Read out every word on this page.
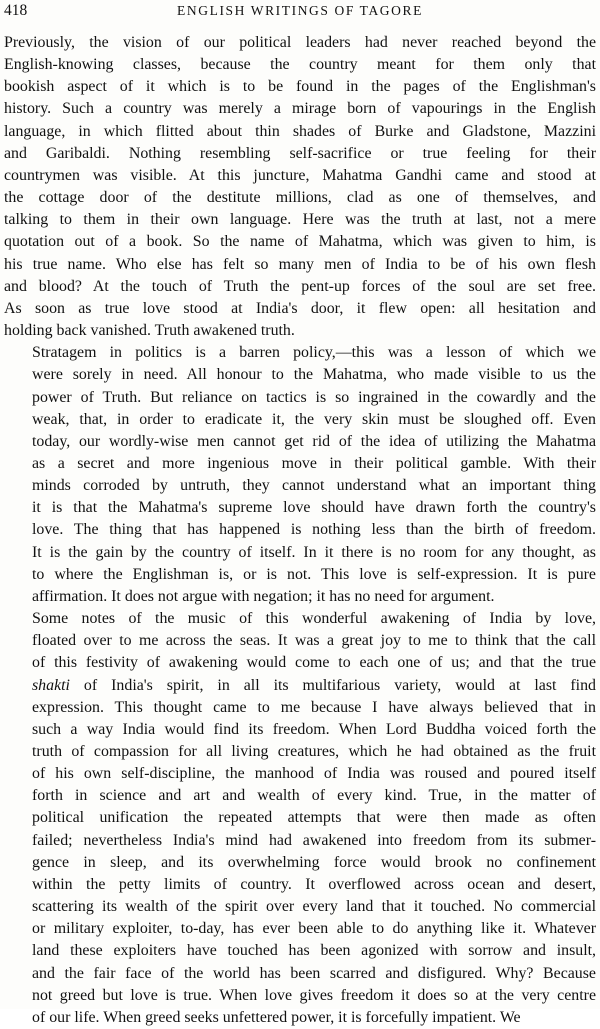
418	ENGLISH WRITINGS OF TAGORE

Previously, the vision of our political leaders had never reached beyond the
English-knowing classes, because the country meant for them only that
bookish aspect of it which is to be found in the pages of the Englishman's
history. Such a country was merely a mirage born of vapourings in the English
language, in which flitted about thin shades of Burke and Gladstone, Mazzini
and Garibaldi. Nothing resembling self-sacrifice or true feeling for their
countrymen was visible. At this juncture, Mahatma Gandhi came and stood at
the cottage door of the destitute millions, clad as one of themselves, and
talking to them in their own language. Here was the truth at last, not a mere
quotation out of a book. So the name of Mahatma, which was given to him, is
his true name. Who else has felt so many men of India to be of his own flesh
and blood? At the touch of Truth the pent-up forces of the soul are set free.
As soon as true love stood at India's door, it flew open: all hesitation and
holding back vanished. Truth awakened truth.

Stratagem in politics is a barren policy,—this was a lesson of which we
were sorely in need. All honour to the Mahatma, who made visible to us the
power of Truth. But reliance on tactics is so ingrained in the cowardly and the
weak, that, in order to eradicate it, the very skin must be sloughed off. Even
today, our wordly-wise men cannot get rid of the idea of utilizing the Mahatma
as a secret and more ingenious move in their political gamble. With their
minds corroded by untruth, they cannot understand what an important thing
it is that the Mahatma's supreme love should have drawn forth the country's
love. The thing that has happened is nothing less than the birth of freedom.
It is the gain by the country of itself. In it there is no room for any thought, as
to where the Englishman is, or is not. This love is self-expression. It is pure
affirmation. It does not argue with negation; it has no need for argument.

Some notes of the music of this wonderful awakening of India by love,
floated over to me across the seas. It was a great joy to me to think that the call
of this festivity of awakening would come to each one of us; and that the true
shakti of India's spirit, in all its multifarious variety, would at last find
expression. This thought came to me because I have always believed that in
such a way India would find its freedom. When Lord Buddha voiced forth the
truth of compassion for all living creatures, which he had obtained as the fruit
of his own self-discipline, the manhood of India was roused and poured itself
forth in science and art and wealth of every kind. True, in the matter of
political unification the repeated attempts that were then made as often
failed; nevertheless India's mind had awakened into freedom from its submer-
gence in sleep, and its overwhelming force would brook no confinement
within the petty limits of country. It overflowed across ocean and desert,
scattering its wealth of the spirit over every land that it touched. No commercial
or military exploiter, to-day, has ever been able to do anything like it. Whatever
land these exploiters have touched has been agonized with sorrow and insult,
and the fair face of the world has been scarred and disfigured. Why? Because
not greed but love is true. When love gives freedom it does so at the very centre
of our life. When greed seeks unfettered power, it is forcefully impatient. We
